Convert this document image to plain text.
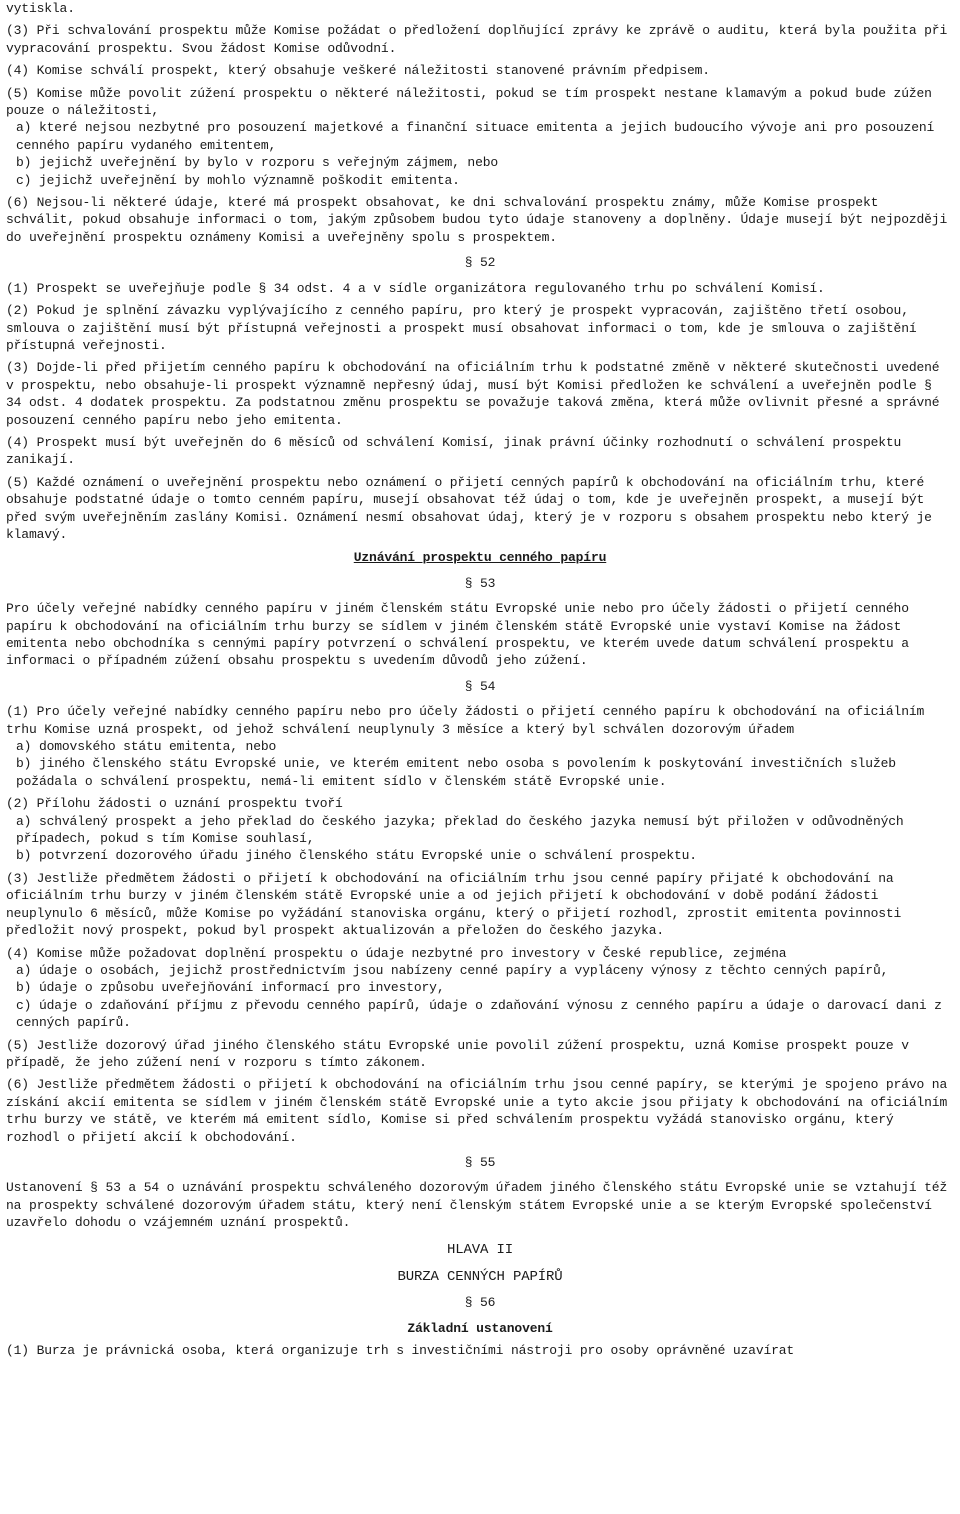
vytiskla.

(3) Při schvalování prospektu může Komise požádat o předložení doplňující zprávy ke zprávě o auditu, která byla použita při vypracování prospektu. Svou žádost Komise odůvodní.

(4) Komise schválí prospekt, který obsahuje veškeré náležitosti stanovené právním předpisem.

(5) Komise může povolit zúžení prospektu o některé náležitosti, pokud se tím prospekt nestane klamavým a pokud bude zúžen pouze o náležitosti,

a) které nejsou nezbytné pro posouzení majetkové a finanční situace emitenta a jejich budoucího vývoje ani pro posouzení cenného papíru vydaného emitentem,

b) jejichž uveřejnění by bylo v rozporu s veřejným zájmem, nebo

c) jejichž uveřejnění by mohlo významně poškodit emitenta.

(6) Nejsou-li některé údaje, které má prospekt obsahovat, ke dni schvalování prospektu známy, může Komise prospekt schválit, pokud obsahuje informaci o tom, jakým způsobem budou tyto údaje stanoveny a doplněny. Údaje musejí být nejpozději do uveřejnění prospektu oznámeny Komisi a uveřejněny spolu s prospektem.

§ 52

(1) Prospekt se uveřejňuje podle § 34 odst. 4 a v sídle organizátora regulovaného trhu po schválení Komisí.

(2) Pokud je splnění závazku vyplývajícího z cenného papíru, pro který je prospekt vypracován, zajištěno třetí osobou, smlouva o zajištění musí být přístupná veřejnosti a prospekt musí obsahovat informaci o tom, kde je smlouva o zajištění přístupná veřejnosti.

(3) Dojde-li před přijetím cenného papíru k obchodování na oficiálním trhu k podstatné změně v některé skutečnosti uvedené v prospektu, nebo obsahuje-li prospekt významně nepřesný údaj, musí být Komisi předložen ke schválení a uveřejněn podle § 34 odst. 4 dodatek prospektu. Za podstatnou změnu prospektu se považuje taková změna, která může ovlivnit přesné a správné posouzení cenného papíru nebo jeho emitenta.

(4) Prospekt musí být uveřejněn do 6 měsíců od schválení Komisí, jinak právní účinky rozhodnutí o schválení prospektu zanikají.

(5) Každé oznámení o uveřejnění prospektu nebo oznámení o přijetí cenných papírů k obchodování na oficiálním trhu, které obsahuje podstatné údaje o tomto cenném papíru, musejí obsahovat též údaj o tom, kde je uveřejněn prospekt, a musejí být před svým uveřejněním zaslány Komisi. Oznámení nesmí obsahovat údaj, který je v rozporu s obsahem prospektu nebo který je klamavý.

Uznávání prospektu cenného papíru

§ 53

Pro účely veřejné nabídky cenného papíru v jiném členském státu Evropské unie nebo pro účely žádosti o přijetí cenného papíru k obchodování na oficiálním trhu burzy se sídlem v jiném členském státě Evropské unie vystaví Komise na žádost emitenta nebo obchodníka s cennými papíry potvrzení o schválení prospektu, ve kterém uvede datum schválení prospektu a informaci o případném zúžení obsahu prospektu s uvedením důvodů jeho zúžení.

§ 54

(1) Pro účely veřejné nabídky cenného papíru nebo pro účely žádosti o přijetí cenného papíru k obchodování na oficiálním trhu Komise uzná prospekt, od jehož schválení neuplynuly 3 měsíce a který byl schválen dozorovým úřadem

a) domovského státu emitenta, nebo

b) jiného členského státu Evropské unie, ve kterém emitent nebo osoba s povolením k poskytování investičních služeb požádala o schválení prospektu, nemá-li emitent sídlo v členském státě Evropské unie.

(2) Přílohu žádosti o uznání prospektu tvoří

a) schválený prospekt a jeho překlad do českého jazyka; překlad do českého jazyka nemusí být přiložen v odůvodněných případech, pokud s tím Komise souhlasí,

b) potvrzení dozorového úřadu jiného členského státu Evropské unie o schválení prospektu.

(3) Jestliže předmětem žádosti o přijetí k obchodování na oficiálním trhu jsou cenné papíry přijaté k obchodování na oficiálním trhu burzy v jiném členském státě Evropské unie a od jejich přijetí k obchodování v době podání žádosti neuplynulo 6 měsíců, může Komise po vyžádání stanoviska orgánu, který o přijetí rozhodl, zprostit emitenta povinnosti předložit nový prospekt, pokud byl prospekt aktualizován a přeložen do českého jazyka.

(4) Komise může požadovat doplnění prospektu o údaje nezbytné pro investory v České republice, zejména

a) údaje o osobách, jejichž prostřednictvím jsou nabízeny cenné papíry a vypláceny výnosy z těchto cenných papírů,

b) údaje o způsobu uveřejňování informací pro investory,

c) údaje o zdaňování příjmu z převodu cenného papírů, údaje o zdaňování výnosu z cenného papíru a údaje o darovací dani z cenných papírů.

(5) Jestliže dozorový úřad jiného členského státu Evropské unie povolil zúžení prospektu, uzná Komise prospekt pouze v případě, že jeho zúžení není v rozporu s tímto zákonem.

(6) Jestliže předmětem žádosti o přijetí k obchodování na oficiálním trhu jsou cenné papíry, se kterými je spojeno právo na získání akcií emitenta se sídlem v jiném členském státě Evropské unie a tyto akcie jsou přijaty k obchodování na oficiálním trhu burzy ve státě, ve kterém má emitent sídlo, Komise si před schválením prospektu vyžádá stanovisko orgánu, který rozhodl o přijetí akcií k obchodování.

§ 55

Ustanovení § 53 a 54 o uznávání prospektu schváleného dozorovým úřadem jiného členského státu Evropské unie se vztahují též na prospekty schválené dozorovým úřadem státu, který není členským státem Evropské unie a se kterým Evropské společenství uzavřelo dohodu o vzájemném uznání prospektů.

HLAVA II

BURZA CENNÝCH PAPÍRŮ

§ 56

Základní ustanovení

(1) Burza je právnická osoba, která organizuje trh s investičními nástroji pro osoby oprávněné uzavírat
